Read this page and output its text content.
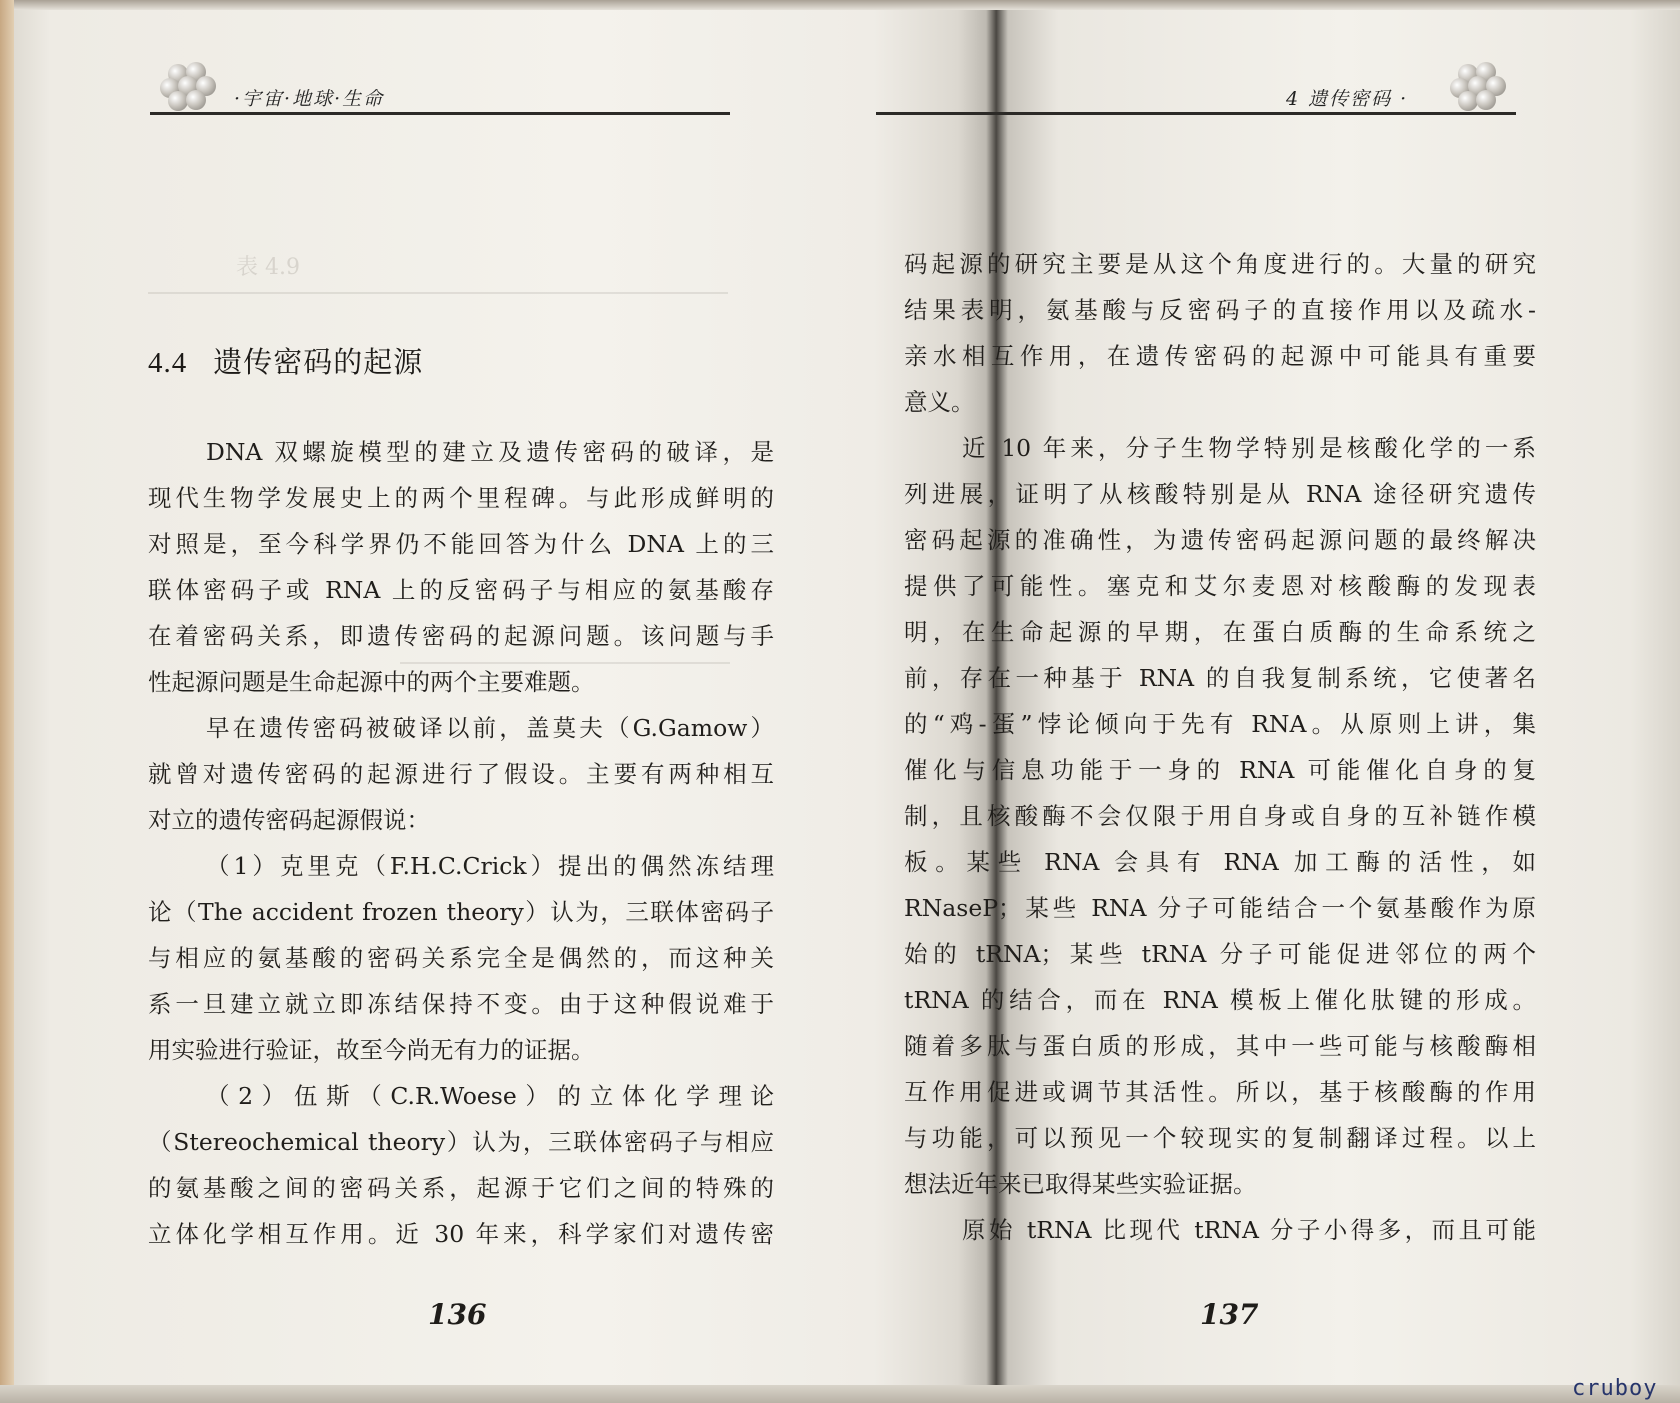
·宇宙·地球·生命
　　　　表 4.9 　　　　　　　　　　　　　　　　
4.4 遗传密码的起源
DNA 双螺旋模型的建立及遗传密码的破译，是
现代生物学发展史上的两个里程碑。与此形成鲜明的
对照是，至今科学界仍不能回答为什么 DNA 上的三
联体密码子或 RNA 上的反密码子与相应的氨基酸存
在着密码关系，即遗传密码的起源问题。该问题与手
性起源问题是生命起源中的两个主要难题。
早在遗传密码被破译以前，盖莫夫（G.Gamow）
就曾对遗传密码的起源进行了假设。主要有两种相互
对立的遗传密码起源假说：
（1）克里克（F.H.C.Crick）提出的偶然冻结理
论（The accident frozen theory）认为，三联体密码子
与相应的氨基酸的密码关系完全是偶然的，而这种关
系一旦建立就立即冻结保持不变。由于这种假说难于
用实验进行验证，故至今尚无有力的证据。
（2）伍斯（C.R.Woese）的立体化学理论
（Stereochemical theory）认为，三联体密码子与相应
的氨基酸之间的密码关系，起源于它们之间的特殊的
立体化学相互作用。近 30 年来，科学家们对遗传密
136
4 遗传密码 ·
码起源的研究主要是从这个角度进行的。大量的研究
结果表明，氨基酸与反密码子的直接作用以及疏水-
亲水相互作用，在遗传密码的起源中可能具有重要
意义。
近 10 年来，分子生物学特别是核酸化学的一系
列进展，证明了从核酸特别是从 RNA 途径研究遗传
密码起源的准确性，为遗传密码起源问题的最终解决
提供了可能性。塞克和艾尔麦恩对核酸酶的发现表
明，在生命起源的早期，在蛋白质酶的生命系统之
前，存在一种基于 RNA 的自我复制系统，它使著名
的“鸡-蛋”悖论倾向于先有 RNA。从原则上讲，集
催化与信息功能于一身的 RNA 可能催化自身的复
制，且核酸酶不会仅限于用自身或自身的互补链作模
板。某些 RNA 会具有 RNA 加工酶的活性，如
RNaseP；某些 RNA 分子可能结合一个氨基酸作为原
始的 tRNA；某些 tRNA 分子可能促进邻位的两个
tRNA 的结合，而在 RNA 模板上催化肽键的形成。
随着多肽与蛋白质的形成，其中一些可能与核酸酶相
互作用促进或调节其活性。所以，基于核酸酶的作用
与功能，可以预见一个较现实的复制翻译过程。以上
想法近年来已取得某些实验证据。
原始 tRNA 比现代 tRNA 分子小得多，而且可能
137
cruboy
